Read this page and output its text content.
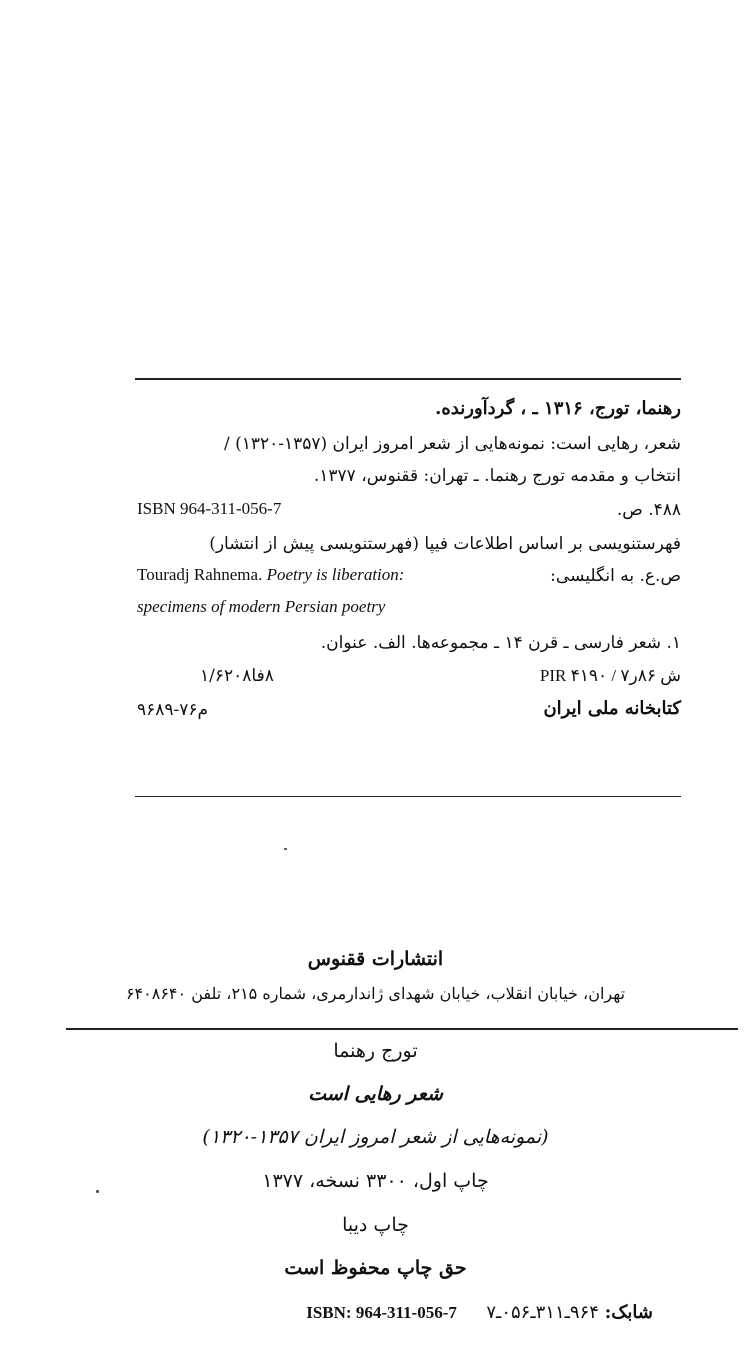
رهنما، تورج، ۱۳۱۶ ـ ، گردآورنده.
شعر، رهایی است: نمونه‌هایی از شعر امروز ایران (۱۳۵۷-۱۳۲۰) /
انتخاب و مقدمه تورج رهنما. ـ تهران: ققنوس، ۱۳۷۷.
۴۸۸. ص.
ISBN 964-311-056-7
فهرستنویسی بر اساس اطلاعات فیپا (فهرستنویسی پیش از انتشار)
ص.ع. به انگلیسی:
Touradj Rahnema. Poetry is liberation:
specimens of modern Persian poetry
۱. شعر فارسی ـ قرن ۱۴ ـ مجموعه‌ها. الف. عنوان.
۸فا۱/۶۲۰۸	PIR ۴۱۹۰ / ۷ش ۸۶ر
م۷۶-۹۶۸۹	کتابخانه ملی ایران
انتشارات ققنوس
تهران، خیابان انقلاب، خیابان شهدای ژاندارمری، شماره ۲۱۵، تلفن ۶۴۰۸۶۴۰
تورج رهنما
شعر رهایی است
(نمونه‌هایی از شعر امروز ایران ۱۳۵۷-۱۳۲۰)
چاپ اول، ۳۳۰۰ نسخه، ۱۳۷۷
چاپ دیبا
حق چاپ محفوظ است
ISBN: 964-311-056-7 ۹۶۴ـ۳۱۱ـ۰۵۶ـ۷ شابک:
